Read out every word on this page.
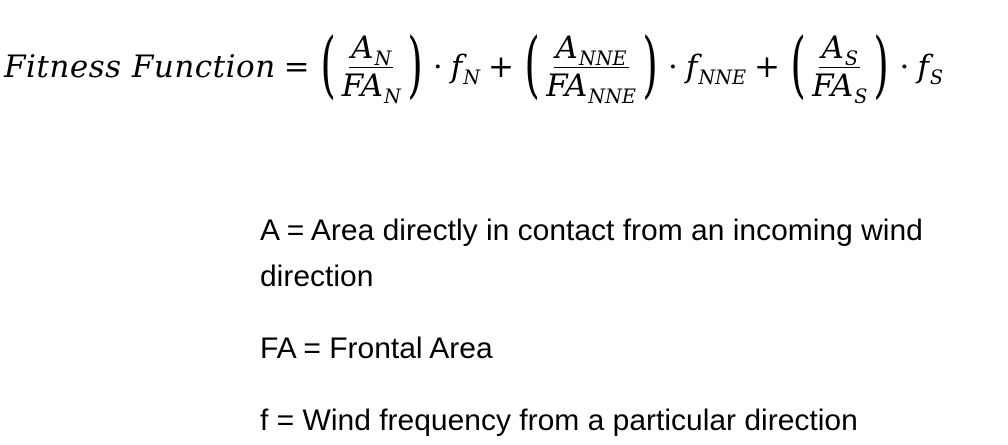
Fitness Function = ( $\frac{A_N}{FA_N}$ ) · $f_N$ + ( $\frac{A_{NNE}}{FA_{NNE}}$ ) · $f_{NNE}$ + ( $\frac{A_S}{FA_S}$ ) · $f_S$

A = Area directly in contact from an incoming wind direction

FA = Frontal Area

f = Wind frequency from a particular direction
